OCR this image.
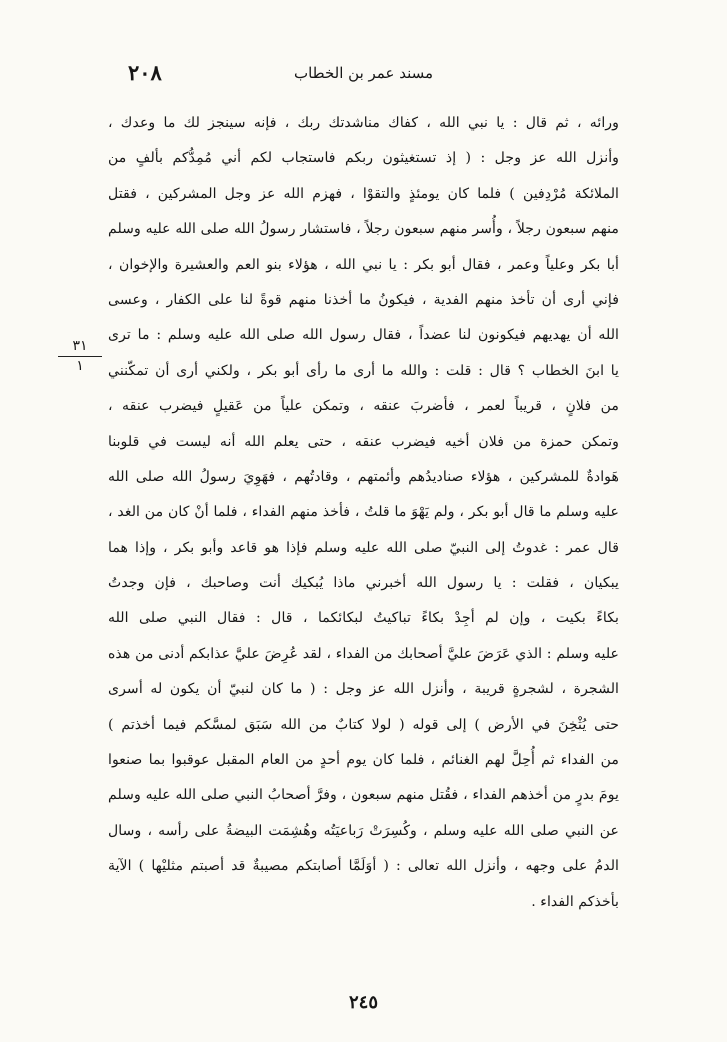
٢٠٨	مسند عمر بن الخطاب
٣١
١
ورائه ، ثم قال : يا نبي الله ، كفاك مناشدتك ربك ، فإنه سينجز لك ما وعدك ،
وأنزل الله عز وجل : ( إذ تستغيثون ربكم فاستجاب لكم أني مُمِدُّكم بألفٍ من
الملائكة مُرْدِفين ) فلما كان يومئذٍ والتقوْا ، فهزم الله عز وجل المشركين ، فقتل
منهم سبعون رجلاً ، وأُسر منهم سبعون رجلاً ، فاستشار رسولُ الله صلى الله عليه وسلم
أبا بكر وعلياً وعمر ، فقال أبو بكر : يا نبي الله ، هؤلاء بنو العم والعشيرة والإخوان ،
فإني أرى أن تأخذ منهم الفدية ، فيكونُ ما أخذنا منهم قوةً لنا على الكفار ، وعسى
الله أن يهديهم فيكونون لنا عضداً ، فقال رسول الله صلى الله عليه وسلم : ما ترى
يا ابنَ الخطاب ؟ قال : قلت : والله ما أرى ما رأى أبو بكر ، ولكني أرى أن تمكّنني
من فلانٍ ، قريباً لعمر ، فأضربَ عنقه ، وتمكن علياً من عَقيلٍ فيضرب عنقه ،
وتمكن حمزة من فلان أخيه فيضرب عنقه ، حتى يعلم الله أنه ليست في قلوبنا
هَوادةٌ للمشركين ، هؤلاء صناديدُهم وأئمتهم ، وقادتُهم ، فهَوِيَ رسولُ الله صلى الله
عليه وسلم ما قال أبو بكر ، ولم يَهْوَ ما قلتُ ، فأخذ منهم الفداء ، فلما أنْ كان من الغد ،
قال عمر : غدوتُ إلى النبيّ صلى الله عليه وسلم فإذا هو قاعد وأبو بكر ، وإذا هما
يبكيان ، فقلت : يا رسول الله أخبرني ماذا يُبكيك أنت وصاحبك ، فإن وجدتُ
بكاءً بكيت ، وإن لم أجِدْ بكاءً تباكيتُ لبكائكما ، قال : فقال النبي صلى الله
عليه وسلم : الذي عَرَضَ عليَّ أصحابك من الفداء ، لقد عُرِضَ عليَّ عذابكم أدنى من هذه
الشجرة ، لشجرةٍ قريبة ، وأنزل الله عز وجل : ( ما كان لنبيّ أن يكون له أسرى
حتى يُثْخِنَ في الأرض ) إلى قوله ( لولا كتابٌ من الله سَبَق لمسَّكم فيما أخذتم )
من الفداء ثم أُحِلَّ لهم الغنائم ، فلما كان يوم أحدٍ من العام المقبل عوقبوا بما صنعوا
يومَ بدرٍ من أخذهم الفداء ، فقُتل منهم سبعون ، وفرَّ أصحابُ النبي صلى الله عليه وسلم
عن النبي صلى الله عليه وسلم ، وكُسِرَتْ رَباعيَتُه وهُشِمَت البيضةُ على رأسه ، وسال
الدمُ على وجهه ، وأنزل الله تعالى : ( أوَلَمَّا أصابتكم مصيبةٌ قد أصبتم مثليْها ) الآية
بأخذكم الفداء .
٢٤٥
